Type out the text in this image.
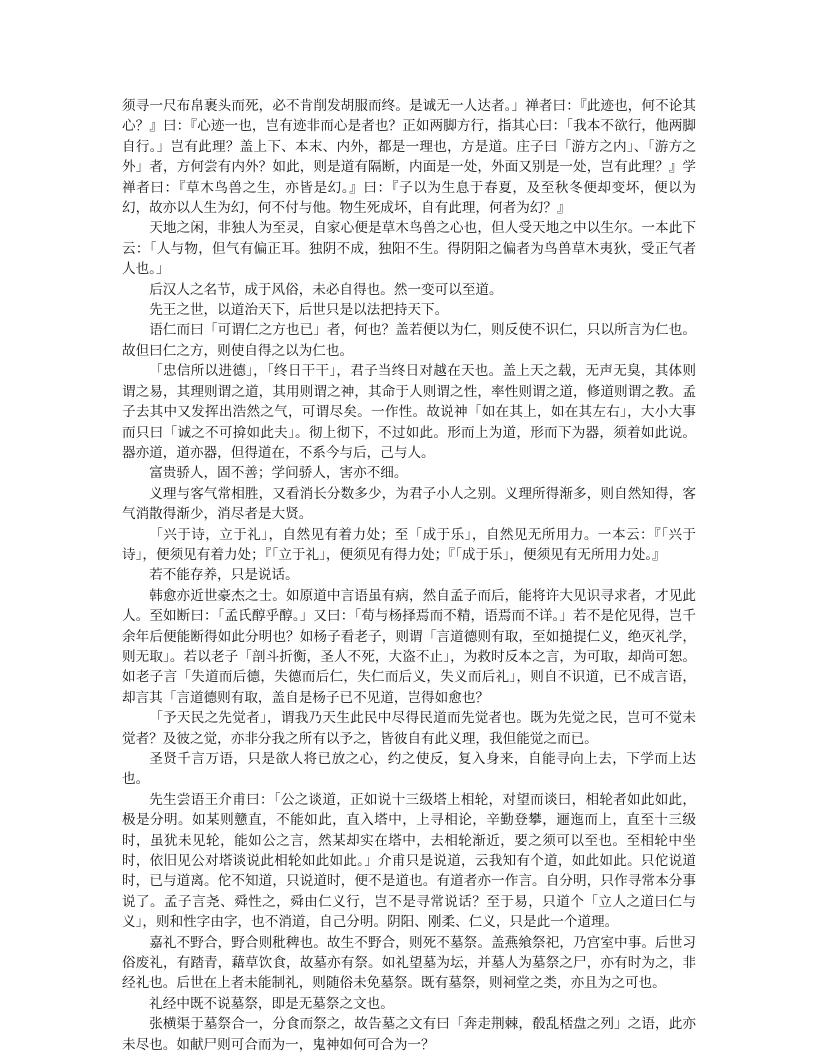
须寻一尺布帛裹头而死，必不肯削发胡服而终。是诚无一人达者。」禅者曰：『此迹也，何不论其心？』曰：『心迹一也，岂有迹非而心是者也？正如两脚方行，指其心曰：「我本不欲行，他两脚自行。」岂有此理？盖上下、本末、内外，都是一理也，方是道。庄子曰「游方之内」、「游方之外」者，方何尝有内外？如此，则是道有隔断，内面是一处，外面又别是一处，岂有此理？』学禅者曰：『草木鸟兽之生，亦皆是幻。』曰：『子以为生息于春夏，及至秋冬便却变坏，便以为幻，故亦以人生为幻，何不付与他。物生死成坏，自有此理，何者为幻？』

天地之闲，非独人为至灵，自家心便是草木鸟兽之心也，但人受天地之中以生尔。一本此下云：「人与物，但气有偏正耳。独阴不成，独阳不生。得阴阳之偏者为鸟兽草木夷狄，受正气者人也。」

后汉人之名节，成于风俗，未必自得也。然一变可以至道。

先王之世，以道治天下，后世只是以法把持天下。

语仁而曰「可谓仁之方也已」者，何也？盖若便以为仁，则反使不识仁，只以所言为仁也。故但曰仁之方，则使自得之以为仁也。

「忠信所以进德」，「终日干干」，君子当终日对越在天也。盖上天之载，无声无臭，其体则谓之易，其理则谓之道，其用则谓之神，其命于人则谓之性，率性则谓之道，修道则谓之教。孟子去其中又发挥出浩然之气，可谓尽矣。一作性。故说神「如在其上，如在其左右」，大小大事而只曰「诚之不可揜如此夫」。彻上彻下，不过如此。形而上为道，形而下为器，须着如此说。器亦道，道亦器，但得道在，不系今与后，己与人。

富贵骄人，固不善；学问骄人，害亦不细。

义理与客气常相胜，又看消长分数多少，为君子小人之别。义理所得渐多，则自然知得，客气消散得渐少，消尽者是大贤。

「兴于诗，立于礼」，自然见有着力处；至「成于乐」，自然见无所用力。一本云：『「兴于诗」，便须见有着力处；『「立于礼」，便须见有得力处；『「成于乐」，便须见有无所用力处。』

若不能存养，只是说话。

韩愈亦近世豪杰之士。如原道中言语虽有病，然自孟子而后，能将许大见识寻求者，才见此人。至如断曰：「孟氏醇乎醇。」又曰：「荀与杨择焉而不精，语焉而不详。」若不是佗见得，岂千余年后便能断得如此分明也？如杨子看老子，则谓「言道德则有取，至如搥提仁义，绝灭礼学，则无取」。若以老子「剖斗折衡，圣人不死，大盗不止」，为救时反本之言，为可取，却尚可恕。如老子言「失道而后德，失德而后仁，失仁而后义，失义而后礼」，则自不识道，已不成言语，却言其「言道德则有取，盖自是杨子已不见道，岂得如愈也？

「予天民之先觉者」，谓我乃天生此民中尽得民道而先觉者也。既为先觉之民，岂可不觉未觉者？及彼之觉，亦非分我之所有以予之，皆彼自有此义理，我但能觉之而已。

圣贤千言万语，只是欲人将已放之心，约之使反，复入身来，自能寻向上去，下学而上达也。

先生尝语王介甫曰：「公之谈道，正如说十三级塔上相轮，对望而谈曰，相轮者如此如此，极是分明。如某则戆直，不能如此，直入塔中，上寻相论，辛勤登攀，逦迤而上，直至十三级时，虽犹未见轮，能如公之言，然某却实在塔中，去相轮渐近，要之须可以至也。至相轮中坐时，依旧见公对塔谈说此相轮如此如此。」介甫只是说道，云我知有个道，如此如此。只佗说道时，已与道离。佗不知道，只说道时，便不是道也。有道者亦一作言。自分明，只作寻常本分事说了。孟子言尧、舜性之，舜由仁义行，岂不是寻常说话？至于易，只道个「立人之道曰仁与义」，则和性字由字，也不消道，自己分明。阴阳、刚柔、仁义，只是此一个道理。

嘉礼不野合，野合则秕稗也。故生不野合，则死不墓祭。盖燕飨祭祀，乃宫室中事。后世习俗废礼，有踏青，藉草饮食，故墓亦有祭。如礼望墓为坛，并墓人为墓祭之尸，亦有时为之，非经礼也。后世在上者未能制礼，则随俗未免墓祭。既有墓祭，则祠堂之类，亦且为之可也。

礼经中既不说墓祭，即是无墓祭之文也。

张横渠于墓祭合一，分食而祭之，故告墓之文有曰「奔走荆棘，殽乱桮盘之列」之语，此亦未尽也。如献尸则可合而为一，鬼神如何可合为一？
